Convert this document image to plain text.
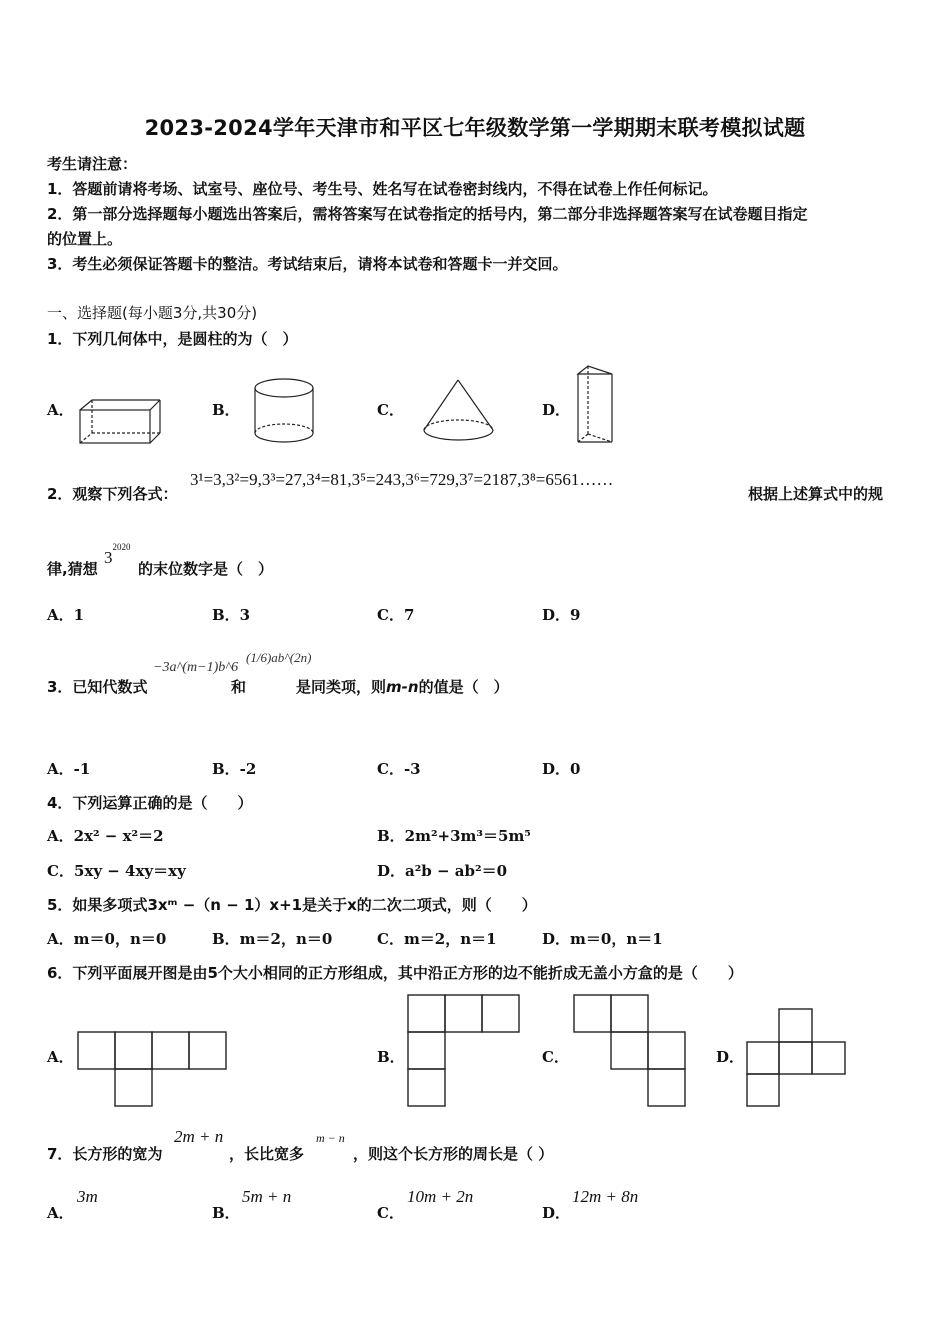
2023-2024学年天津市和平区七年级数学第一学期期末联考模拟试题
考生请注意：
1．答题前请将考场、试室号、座位号、考生号、姓名写在试卷密封线内，不得在试卷上作任何标记。
2．第一部分选择题每小题选出答案后，需将答案写在试卷指定的括号内，第二部分非选择题答案写在试卷题目指定
的位置上。
3．考生必须保证答题卡的整洁。考试结束后，请将本试卷和答题卡一并交回。
一、选择题(每小题3分,共30分)
1．下列几何体中，是圆柱的为（　）
A．	B．	C．	D．
2．观察下列各式：
3¹=3,3²=9,3³=27,3⁴=81,3⁵=243,3⁶=729,3⁷=2187,3⁸=6561……
根据上述算式中的规
律,猜想
$3^{2020}$
的末位数字是（　）
A．1	B．3	C．7	D．9
3．已知代数式
−3a^(m−1)b^6
和
(1/6)ab^(2n)
是同类项，则m-n的值是（　）
A．-1	B．-2	C．-3	D．0
4．下列运算正确的是（　　）
A．2x² − x²＝2	B．2m²+3m³＝5m⁵
C．5xy − 4xy＝xy	D．a²b − ab²＝0
5．如果多项式3xᵐ −（n − 1）x+1是关于x的二次二项式，则（　　）
A．m＝0，n＝0	B．m＝2，n＝0	C．m＝2，n＝1	D．m＝0，n＝1
6．下列平面展开图是由5个大小相同的正方形组成，其中沿正方形的边不能折成无盖小方盒的是（　　）
A．	B．	C．	D．
7．长方形的宽为
2m + n
，长比宽多
m − n
，则这个长方形的周长是（ ）
A．
3m
B．
5m + n
C．
10m + 2n
D．
12m + 8n
